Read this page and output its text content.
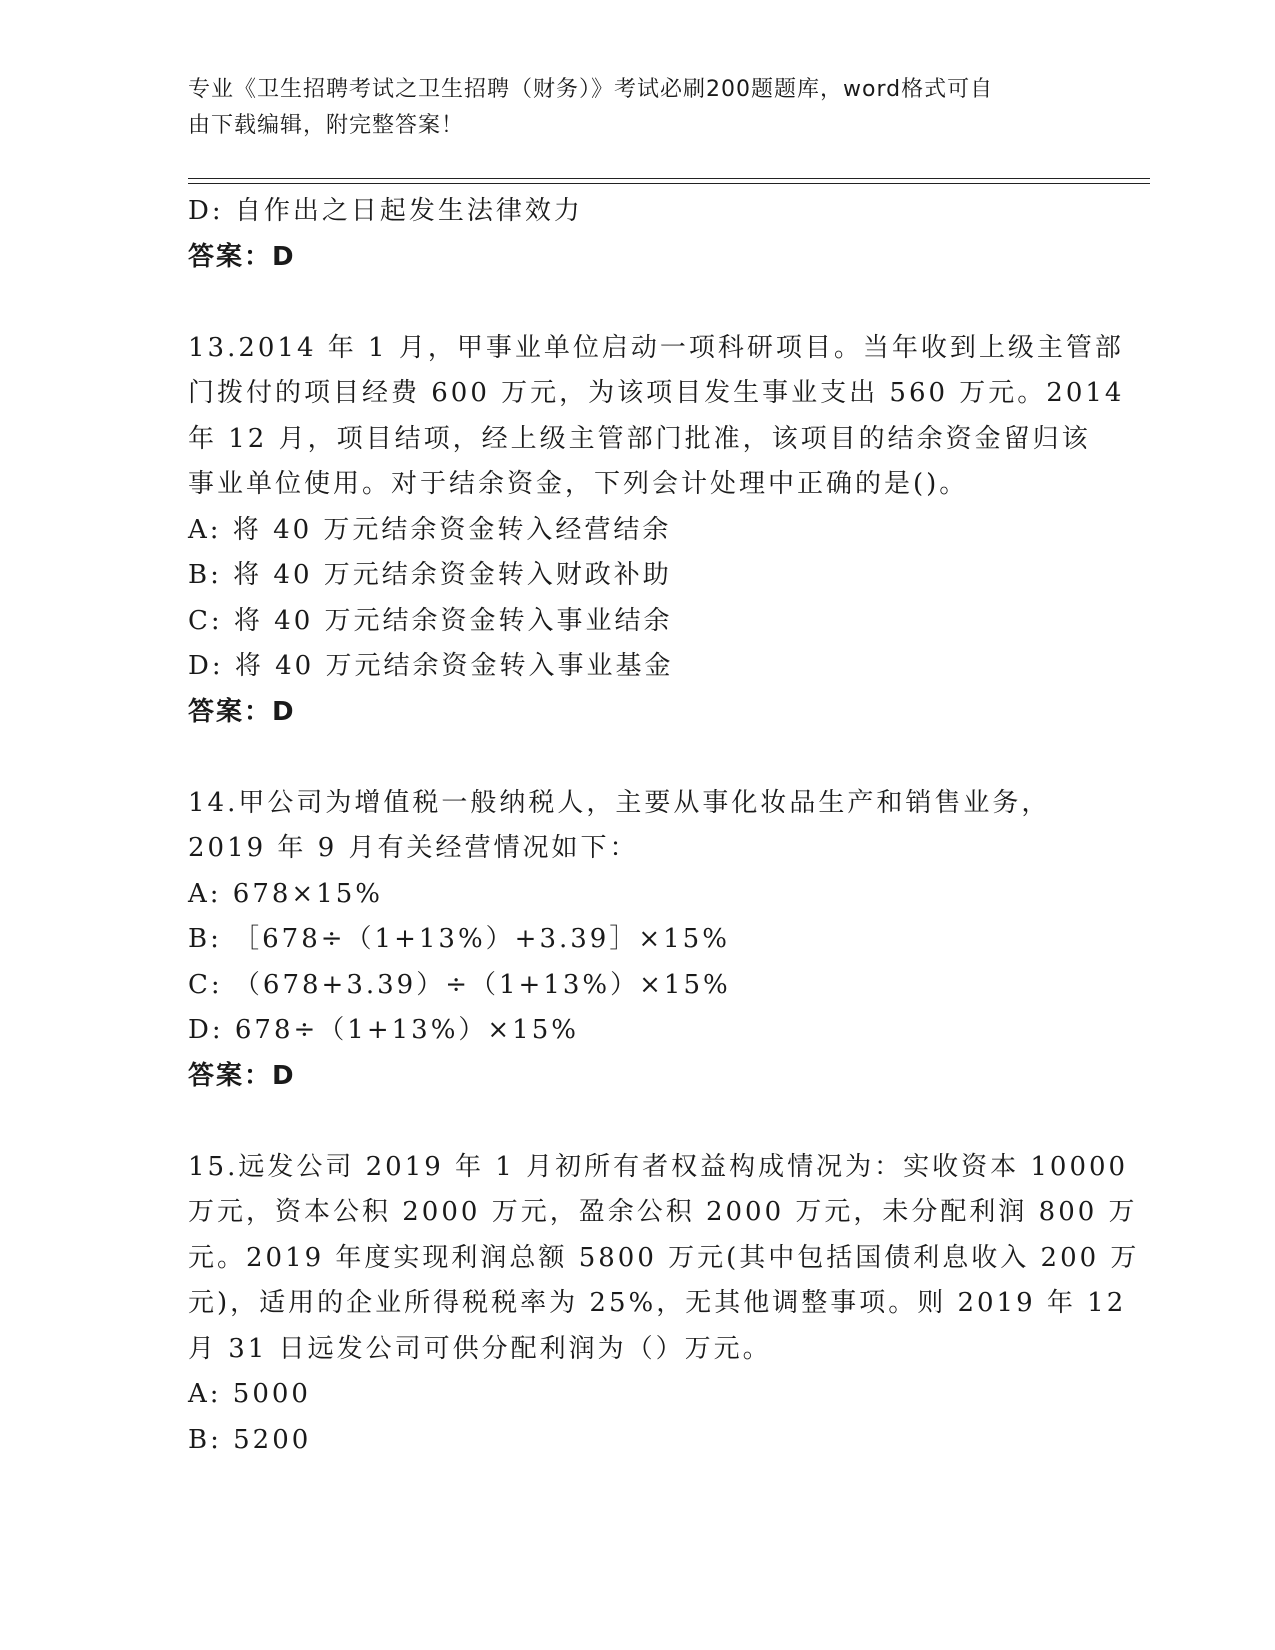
专业《卫生招聘考试之卫生招聘（财务）》考试必刷200题题库，word格式可自
由下载编辑，附完整答案！
D: 自作出之日起发生法律效力
答案：D
13.2014 年 1 月，甲事业单位启动一项科研项目。当年收到上级主管部
门拨付的项目经费 600 万元，为该项目发生事业支出 560 万元。2014
年 12 月，项目结项，经上级主管部门批准，该项目的结余资金留归该
事业单位使用。对于结余资金，下列会计处理中正确的是()。
A: 将 40 万元结余资金转入经营结余
B: 将 40 万元结余资金转入财政补助
C: 将 40 万元结余资金转入事业结余
D: 将 40 万元结余资金转入事业基金
答案：D
14.甲公司为增值税一般纳税人，主要从事化妆品生产和销售业务，
2019 年 9 月有关经营情况如下：
A: 678×15%
B: ［678÷（1+13%）+3.39］×15%
C: （678+3.39）÷（1+13%）×15%
D: 678÷（1+13%）×15%
答案：D
15.远发公司 2019 年 1 月初所有者权益构成情况为：实收资本 10000
万元，资本公积 2000 万元，盈余公积 2000 万元，未分配利润 800 万
元。2019 年度实现利润总额 5800 万元(其中包括国债利息收入 200 万
元)，适用的企业所得税税率为 25%，无其他调整事项。则 2019 年 12
月 31 日远发公司可供分配利润为（）万元。
A: 5000
B: 5200
